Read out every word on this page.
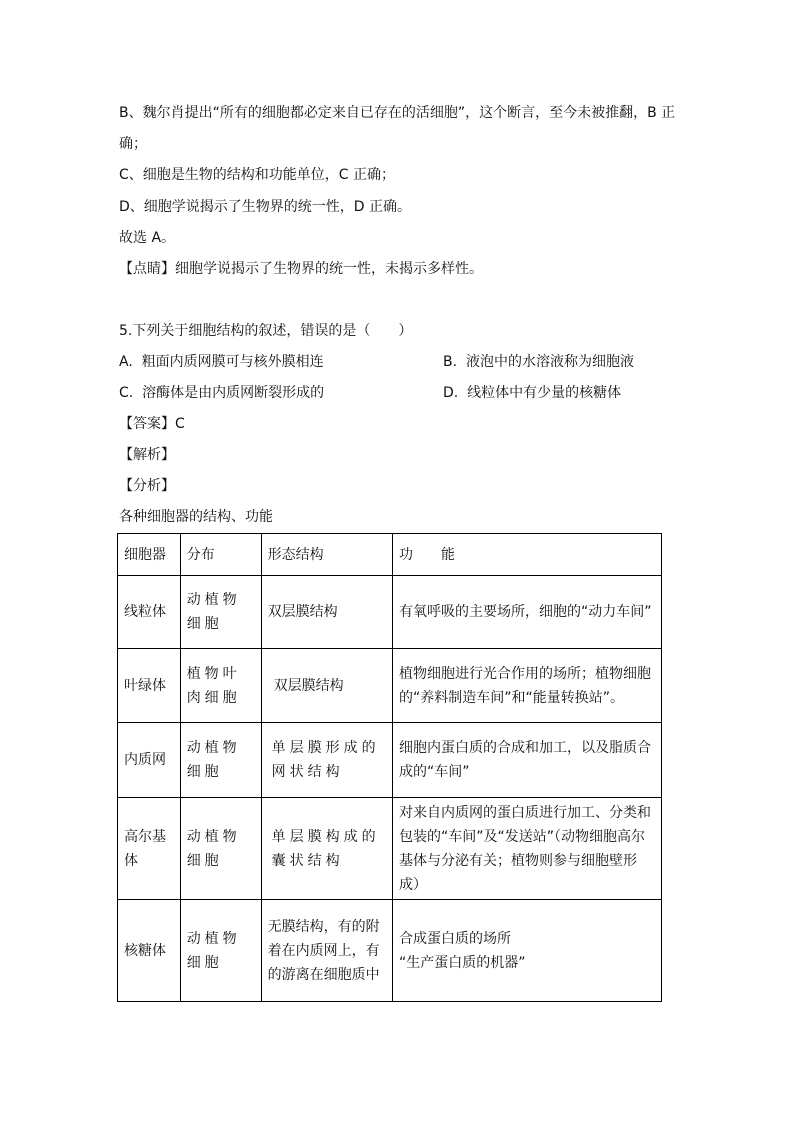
B、魏尔肖提出“所有的细胞都必定来自已存在的活细胞”，这个断言，至今未被推翻，B 正
确；
C、细胞是生物的结构和功能单位，C 正确；
D、细胞学说揭示了生物界的统一性，D 正确。
故选 A。
【点睛】细胞学说揭示了生物界的统一性，未揭示多样性。
5.下列关于细胞结构的叙述，错误的是（　　）
A. 粗面内质网膜可与核外膜相连	B. 液泡中的水溶液称为细胞液
C. 溶酶体是由内质网断裂形成的	D. 线粒体中有少量的核糖体
【答案】C
【解析】
【分析】
各种细胞器的结构、功能
细胞器	分布	形态结构	功　　能
线粒体	动植物细胞	双层膜结构	有氧呼吸的主要场所，细胞的“动力车间”
叶绿体	植物叶肉细胞	双层膜结构	植物细胞进行光合作用的场所；植物细胞的“养料制造车间”和“能量转换站”。
内质网	动植物细胞	单层膜形成的网状结构	细胞内蛋白质的合成和加工，以及脂质合成的“车间”
高尔基体	动植物细胞	单层膜构成的囊状结构	对来自内质网的蛋白质进行加工、分类和包装的“车间”及“发送站”（动物细胞高尔基体与分泌有关；植物则参与细胞壁形成）
核糖体	动植物细胞	无膜结构，有的附着在内质网上，有的游离在细胞质中	合成蛋白质的场所
“生产蛋白质的机器”
